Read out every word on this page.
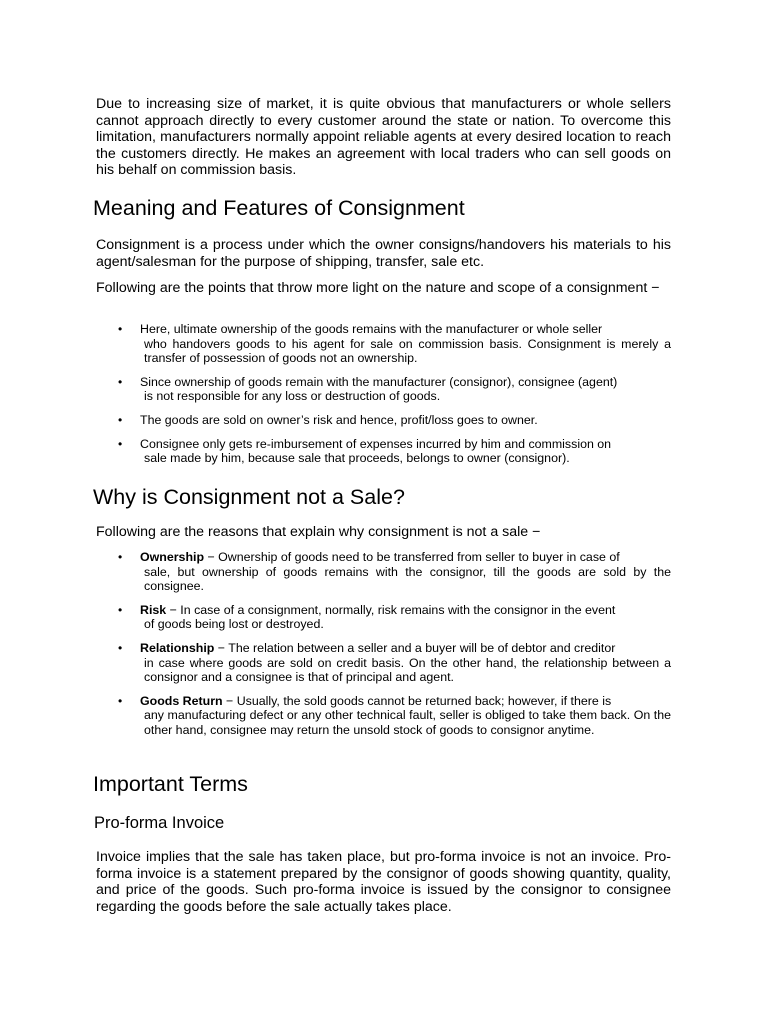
Due to increasing size of market, it is quite obvious that manufacturers or whole sellers cannot approach directly to every customer around the state or nation. To overcome this limitation, manufacturers normally appoint reliable agents at every desired location to reach the customers directly. He makes an agreement with local traders who can sell goods on his behalf on commission basis.

Meaning and Features of Consignment

Consignment is a process under which the owner consigns/handovers his materials to his agent/salesman for the purpose of shipping, transfer, sale etc.

Following are the points that throw more light on the nature and scope of a consignment −

• Here, ultimate ownership of the goods remains with the manufacturer or whole seller
who handovers goods to his agent for sale on commission basis. Consignment is merely a transfer of possession of goods not an ownership.
• Since ownership of goods remain with the manufacturer (consignor), consignee (agent)
is not responsible for any loss or destruction of goods.
• The goods are sold on owner’s risk and hence, profit/loss goes to owner.
• Consignee only gets re-imbursement of expenses incurred by him and commission on
sale made by him, because sale that proceeds, belongs to owner (consignor).
Why is Consignment not a Sale?

Following are the reasons that explain why consignment is not a sale −

• Ownership − Ownership of goods need to be transferred from seller to buyer in case of
sale, but ownership of goods remains with the consignor, till the goods are sold by the consignee.
• Risk − In case of a consignment, normally, risk remains with the consignor in the event
of goods being lost or destroyed.
• Relationship − The relation between a seller and a buyer will be of debtor and creditor
in case where goods are sold on credit basis. On the other hand, the relationship between a consignor and a consignee is that of principal and agent.
• Goods Return − Usually, the sold goods cannot be returned back; however, if there is
any manufacturing defect or any other technical fault, seller is obliged to take them back. On the other hand, consignee may return the unsold stock of goods to consignor anytime.
Important Terms
Pro-forma Invoice

Invoice implies that the sale has taken place, but pro-forma invoice is not an invoice. Pro-forma invoice is a statement prepared by the consignor of goods showing quantity, quality, and price of the goods. Such pro-forma invoice is issued by the consignor to consignee regarding the goods before the sale actually takes place.
